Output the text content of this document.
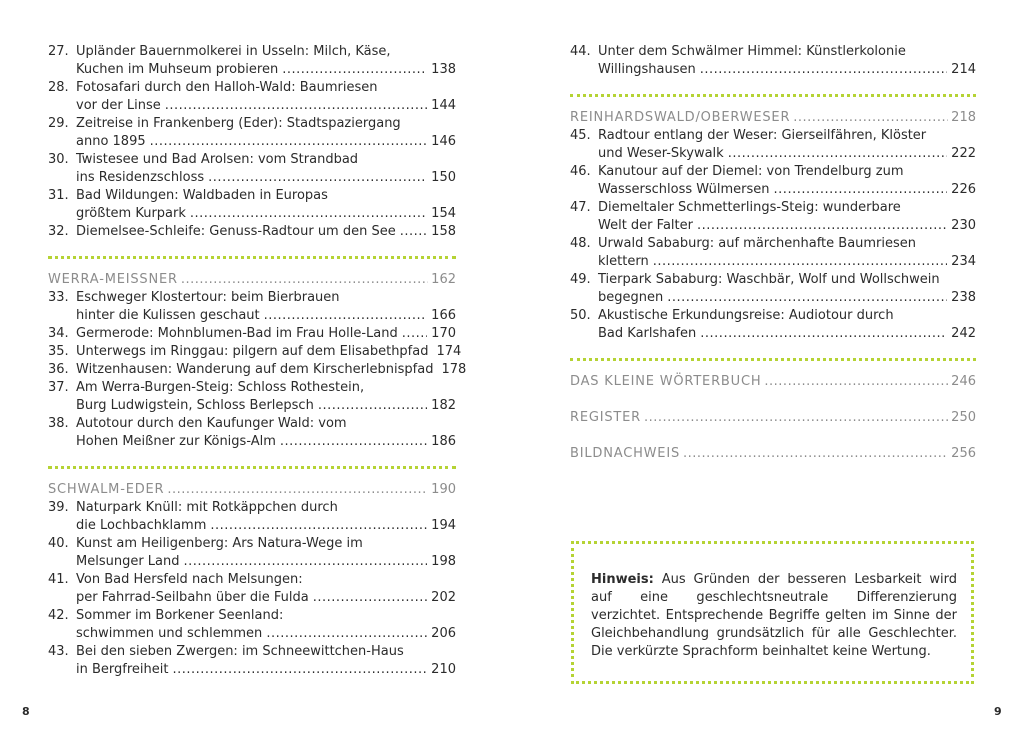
27. Upländer Bauernmolkerei in Usseln: Milch, Käse,
Kuchen im Muhseum probieren .....	138
28. Fotosafari durch den Halloh-Wald: Baumriesen
vor der Linse .....	144
29. Zeitreise in Frankenberg (Eder): Stadtspaziergang
anno 1895 .....	146
30. Twistesee und Bad Arolsen: vom Strandbad
ins Residenzschloss .....	150
31. Bad Wildungen: Waldbaden in Europas
größtem Kurpark .....	154
32. Diemelsee-Schleife: Genuss-Radtour um den See .....	158
WERRA-MEISSNER .....	162
33. Eschweger Klostertour: beim Bierbrauen
hinter die Kulissen geschaut .....	166
34. Germerode: Mohnblumen-Bad im Frau Holle-Land .....	170
35. Unterwegs im Ringgau: pilgern auf dem Elisabethpfad 174
36. Witzenhausen: Wanderung auf dem Kirscherlebnispfad 178
37. Am Werra-Burgen-Steig: Schloss Rothestein,
Burg Ludwigstein, Schloss Berlepsch .....	182
38. Autotour durch den Kaufunger Wald: vom
Hohen Meißner zur Königs-Alm .....	186
SCHWALM-EDER .....	190
39. Naturpark Knüll: mit Rotkäppchen durch
die Lochbachklamm .....	194
40. Kunst am Heiligenberg: Ars Natura-Wege im
Melsunger Land .....	198
41. Von Bad Hersfeld nach Melsungen:
per Fahrrad-Seilbahn über die Fulda .....	202
42. Sommer im Borkener Seenland:
schwimmen und schlemmen .....	206
43. Bei den sieben Zwergen: im Schneewittchen-Haus
in Bergfreiheit .....	210
44. Unter dem Schwälmer Himmel: Künstlerkolonie
Willingshausen .....	214
REINHARDSWALD/OBERWESER .....	218
45. Radtour entlang der Weser: Gierseilfähren, Klöster
und Weser-Skywalk .....	222
46. Kanutour auf der Diemel: von Trendelburg zum
Wasserschloss Wülmersen .....	226
47. Diemeltaler Schmetterlings-Steig: wunderbare
Welt der Falter .....	230
48. Urwald Sababurg: auf märchenhafte Baumriesen
klettern .....	234
49. Tierpark Sababurg: Waschbär, Wolf und Wollschwein
begegnen .....	238
50. Akustische Erkundungsreise: Audiotour durch
Bad Karlshafen .....	242
DAS KLEINE WÖRTERBUCH .....	246
REGISTER .....	250
BILDNACHWEIS .....	256
Hinweis: Aus Gründen der besseren Lesbarkeit wird auf eine geschlechtsneutrale Differenzierung verzichtet. Entsprechende Begriffe gelten im Sinne der Gleichbehandlung grundsätzlich für alle Geschlechter. Die verkürzte Sprachform beinhaltet keine Wertung.
8	9
